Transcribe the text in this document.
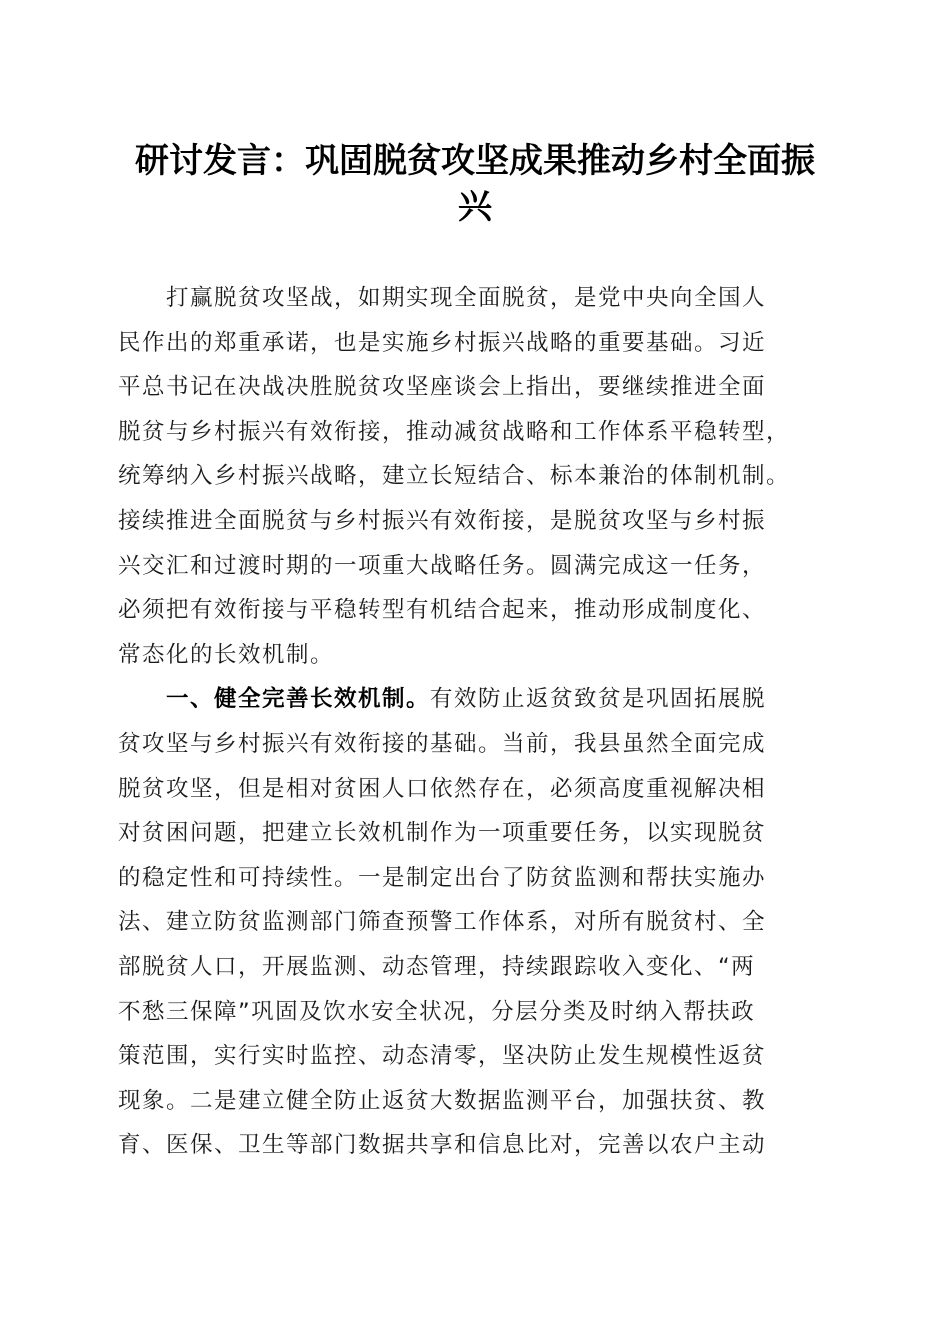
研讨发言：巩固脱贫攻坚成果推动乡村全面振
兴
打赢脱贫攻坚战，如期实现全面脱贫，是党中央向全国人
民作出的郑重承诺，也是实施乡村振兴战略的重要基础。习近
平总书记在决战决胜脱贫攻坚座谈会上指出，要继续推进全面
脱贫与乡村振兴有效衔接，推动减贫战略和工作体系平稳转型，
统筹纳入乡村振兴战略，建立长短结合、标本兼治的体制机制。
接续推进全面脱贫与乡村振兴有效衔接，是脱贫攻坚与乡村振
兴交汇和过渡时期的一项重大战略任务。圆满完成这一任务，
必须把有效衔接与平稳转型有机结合起来，推动形成制度化、
常态化的长效机制。
一、健全完善长效机制。有效防止返贫致贫是巩固拓展脱
贫攻坚与乡村振兴有效衔接的基础。当前，我县虽然全面完成
脱贫攻坚，但是相对贫困人口依然存在，必须高度重视解决相
对贫困问题，把建立长效机制作为一项重要任务，以实现脱贫
的稳定性和可持续性。一是制定出台了防贫监测和帮扶实施办
法、建立防贫监测部门筛查预警工作体系，对所有脱贫村、全
部脱贫人口，开展监测、动态管理，持续跟踪收入变化、“两
不愁三保障”巩固及饮水安全状况，分层分类及时纳入帮扶政
策范围，实行实时监控、动态清零，坚决防止发生规模性返贫
现象。二是建立健全防止返贫大数据监测平台，加强扶贫、教
育、医保、卫生等部门数据共享和信息比对，完善以农户主动
